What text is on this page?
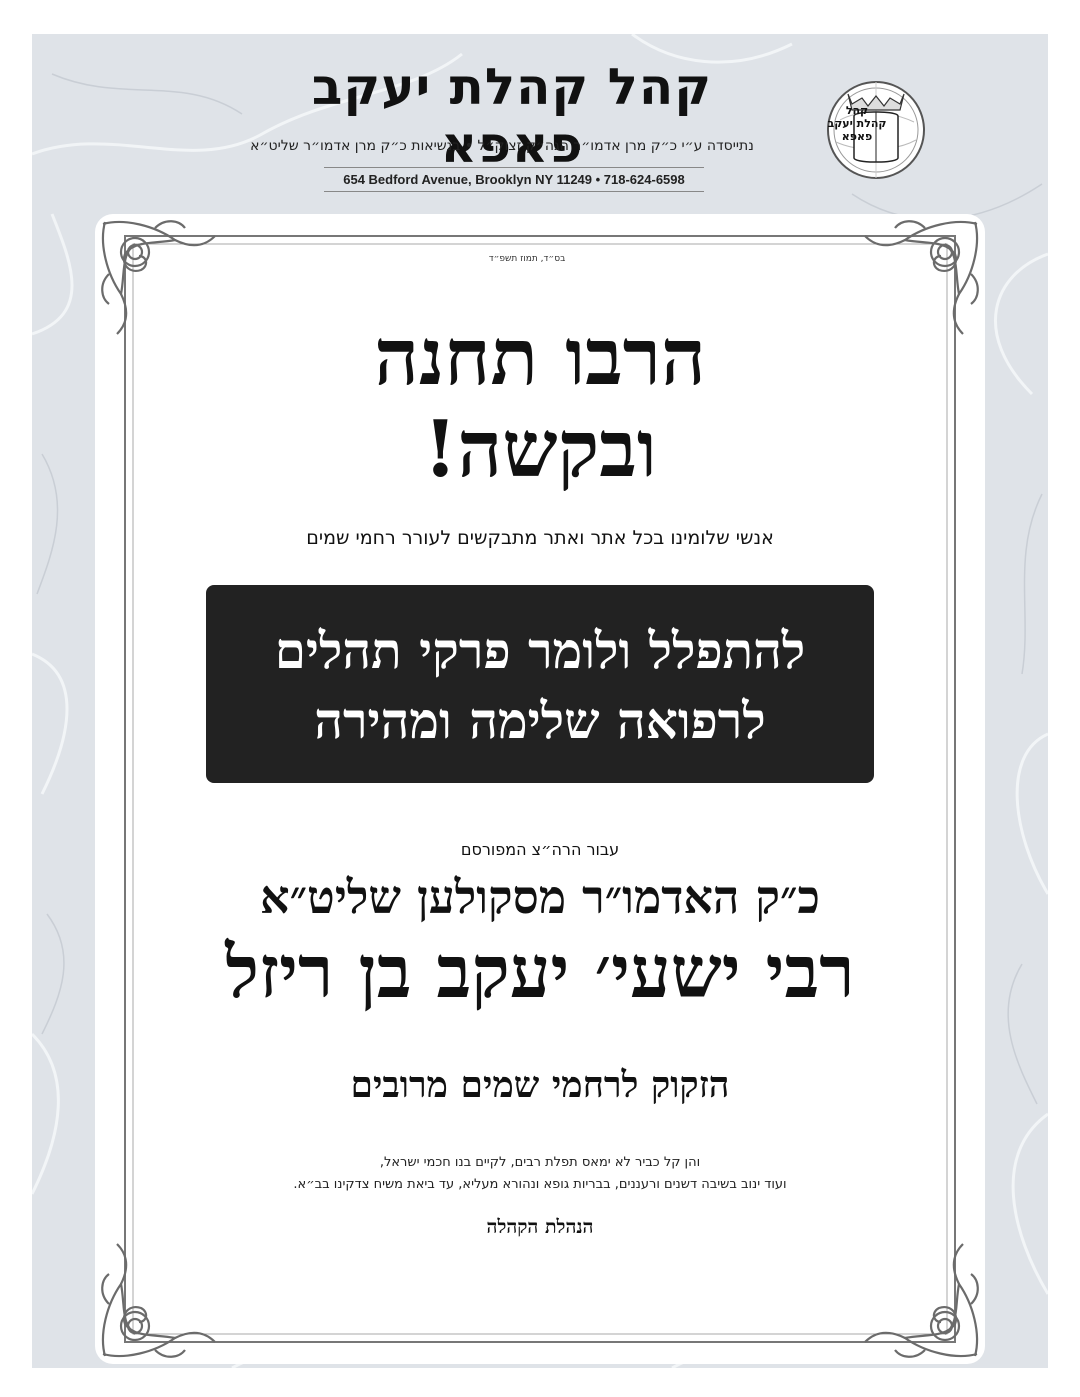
קהל קהלת יעקב פאפא
נתייסדה ע״י כ״ק מרן אדמו״ר הגה״ק זצוק״ל • בנשיאות כ״ק מרן אדמו״ר שליט״א
654 Bedford Avenue, Brooklyn NY 11249 • 718-624-6598
קהל
קהלת יעקב
פאפא
בס״ד, תמוז תשפ״ד
הרבו תחנה
ובקשה!
אנשי שלומינו בכל אתר ואתר מתבקשים לעורר רחמי שמים
להתפלל ולומר פרקי תהלים
לרפואה שלימה ומהירה
עבור הרה״צ המפורסם
כ״ק האדמו״ר מסקולען שליט״א
רבי ישעי׳ יעקב בן ריזל
הזקוק לרחמי שמים מרובים
והן קל כביר לא ימאס תפלת רבים, לקיים בנו חכמי ישראל,
ועוד ינוב בשיבה דשנים ורעננים, בבריות גופא ונהורא מעליא, עד ביאת משיח צדקינו בב״א.
הנהלת הקהלה
